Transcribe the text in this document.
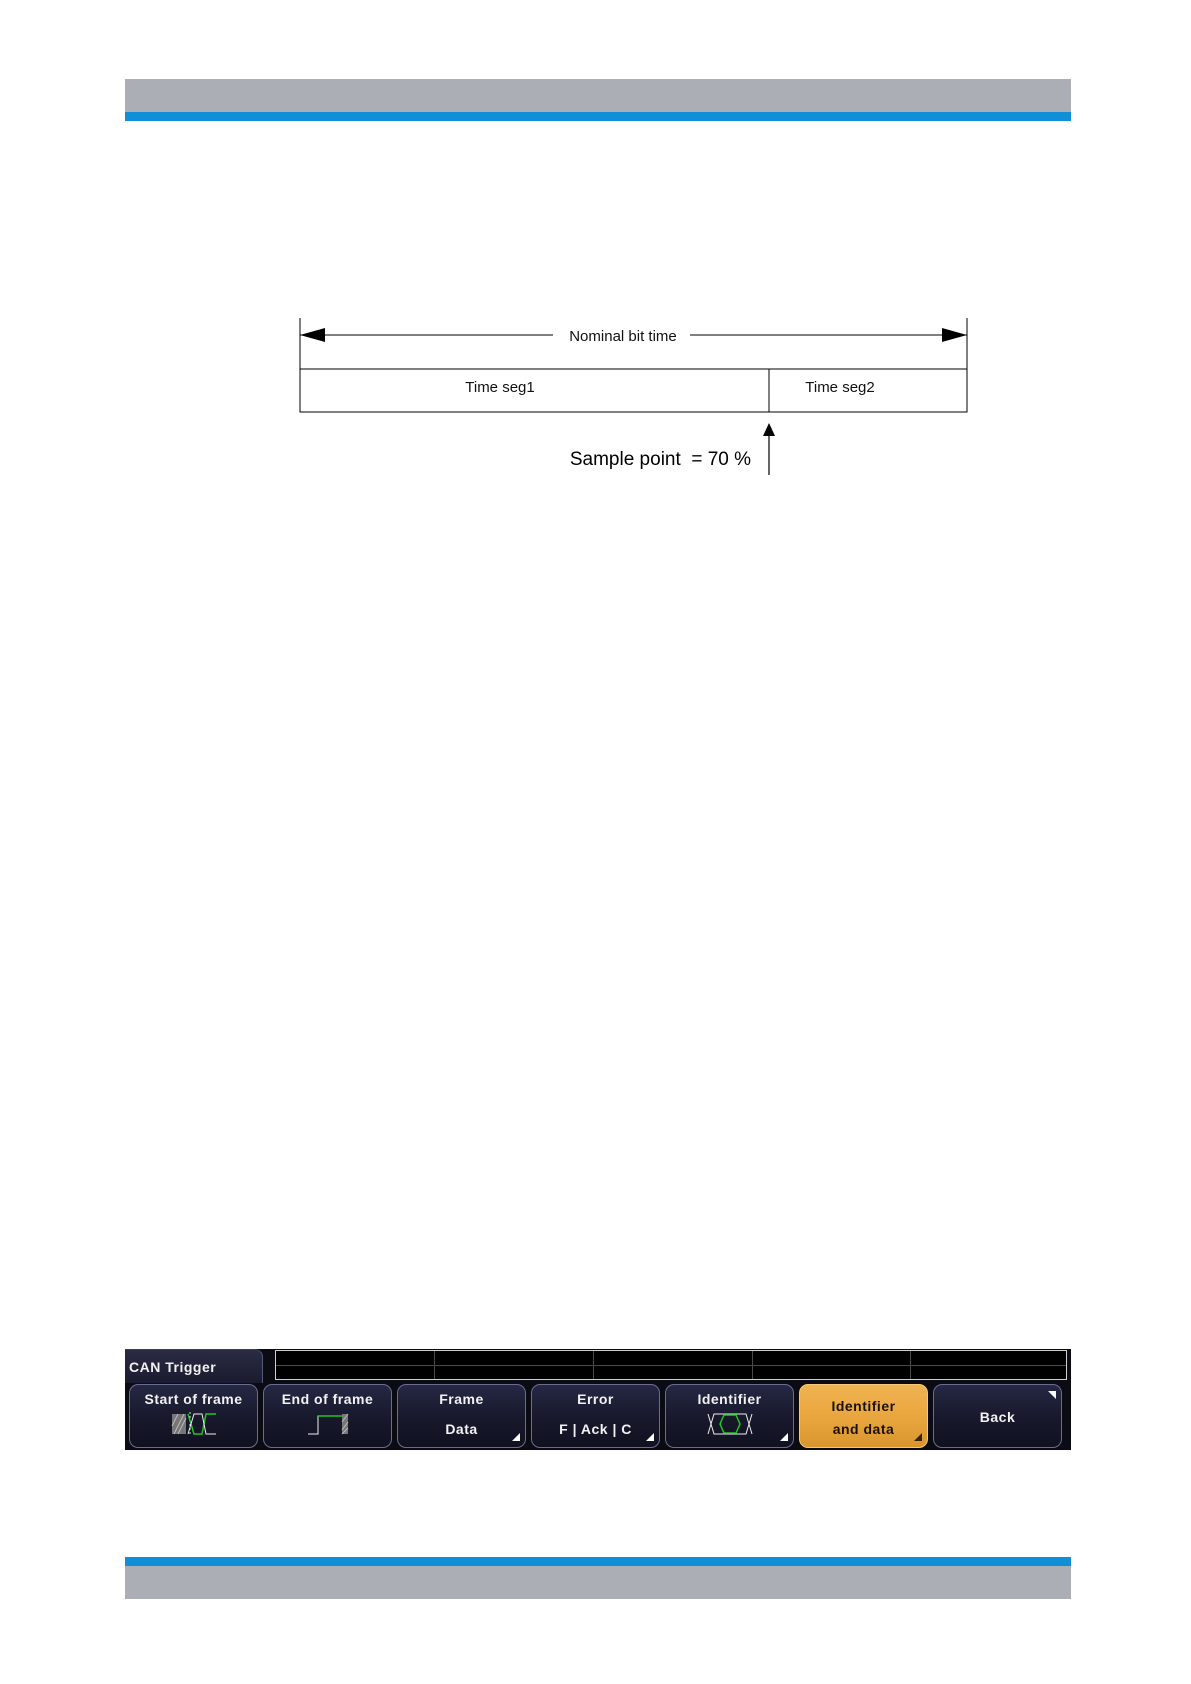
Nominal bit time
Time seg1	Time seg2
Sample point  = 70 %
CAN Trigger
Start of frame	End of frame	Frame
Data
Error
F | Ack | C
Identifier	Identifier
and data
Back
